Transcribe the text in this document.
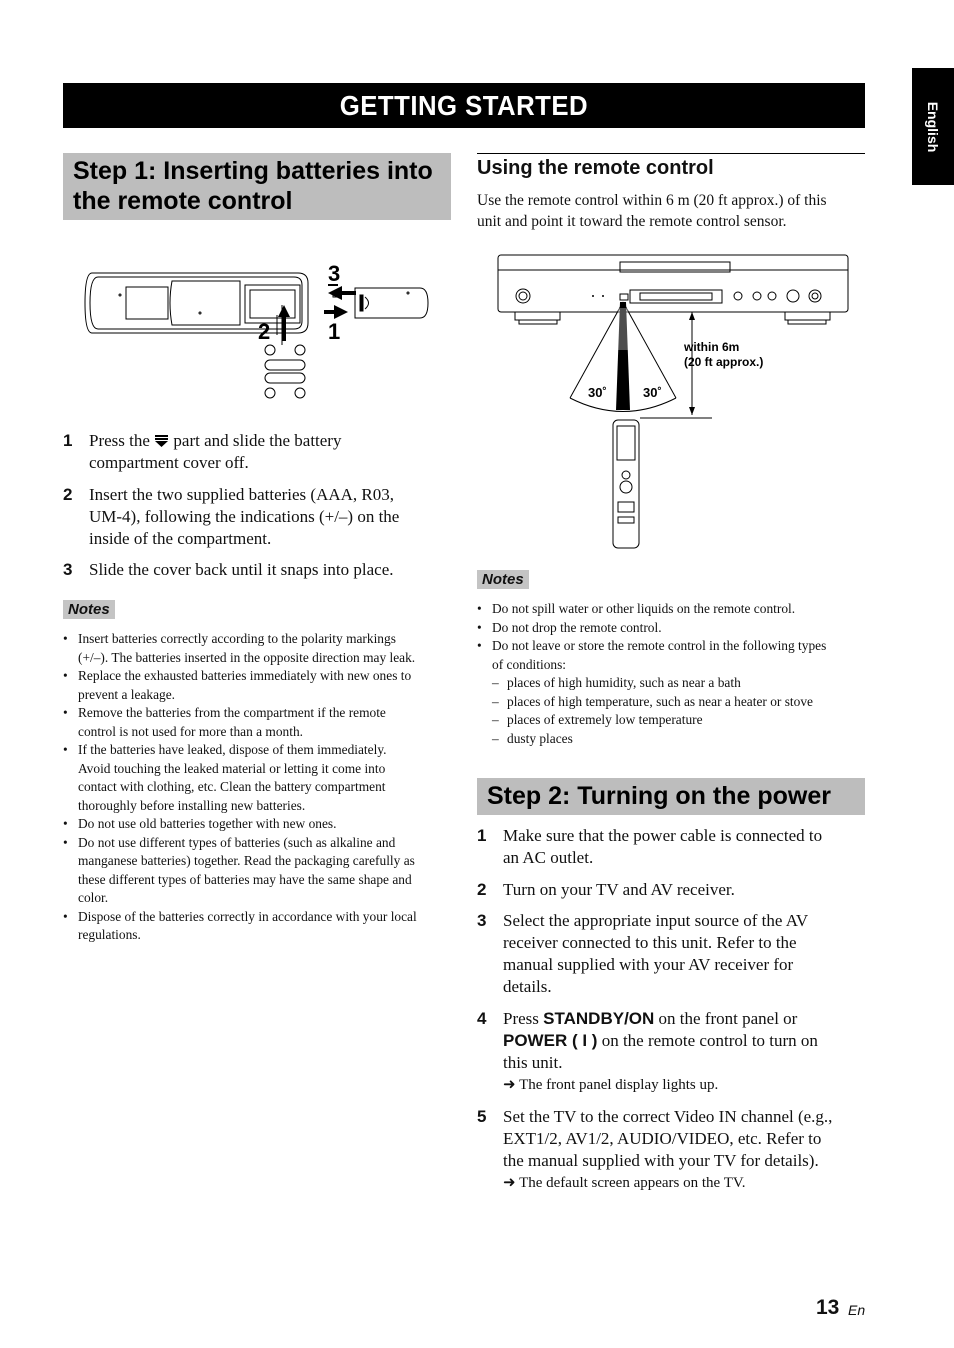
GETTING STARTED	English
Step 1: Inserting batteries into
the remote control
3
2	1
1 Press the part and slide the battery
compartment cover off.
2 Insert the two supplied batteries (AAA, R03,
UM-4), following the indications (+/–) on the
inside of the compartment.
3 Slide the cover back until it snaps into place.
Notes
• Insert batteries correctly according to the polarity markings
(+/–). The batteries inserted in the opposite direction may leak.
• Replace the exhausted batteries immediately with new ones to
prevent a leakage.
• Remove the batteries from the compartment if the remote
control is not used for more than a month.
• If the batteries have leaked, dispose of them immediately.
Avoid touching the leaked material or letting it come into
contact with clothing, etc. Clean the battery compartment
thoroughly before installing new batteries.
• Do not use old batteries together with new ones.
• Do not use different types of batteries (such as alkaline and
manganese batteries) together. Read the packaging carefully as
these different types of batteries may have the same shape and
color.
• Dispose of the batteries correctly in accordance with your local
regulations.
Using the remote control
Use the remote control within 6 m (20 ft approx.) of this
unit and point it toward the remote control sensor.
within 6m
(20 ft approx.)
30˚	30˚
Notes
• Do not spill water or other liquids on the remote control.
• Do not drop the remote control.
• Do not leave or store the remote control in the following types
of conditions:
– places of high humidity, such as near a bath
– places of high temperature, such as near a heater or stove
– places of extremely low temperature
– dusty places
Step 2: Turning on the power
1 Make sure that the power cable is connected to
an AC outlet.
2 Turn on your TV and AV receiver.
3 Select the appropriate input source of the AV
receiver connected to this unit. Refer to the
manual supplied with your AV receiver for
details.
4 Press STANDBY/ON on the front panel or
POWER ( I ) on the remote control to turn on
this unit.
➜ The front panel display lights up.
5 Set the TV to the correct Video IN channel (e.g.,
EXT1/2, AV1/2, AUDIO/VIDEO, etc. Refer to
the manual supplied with your TV for details).
➜ The default screen appears on the TV.
13 En
